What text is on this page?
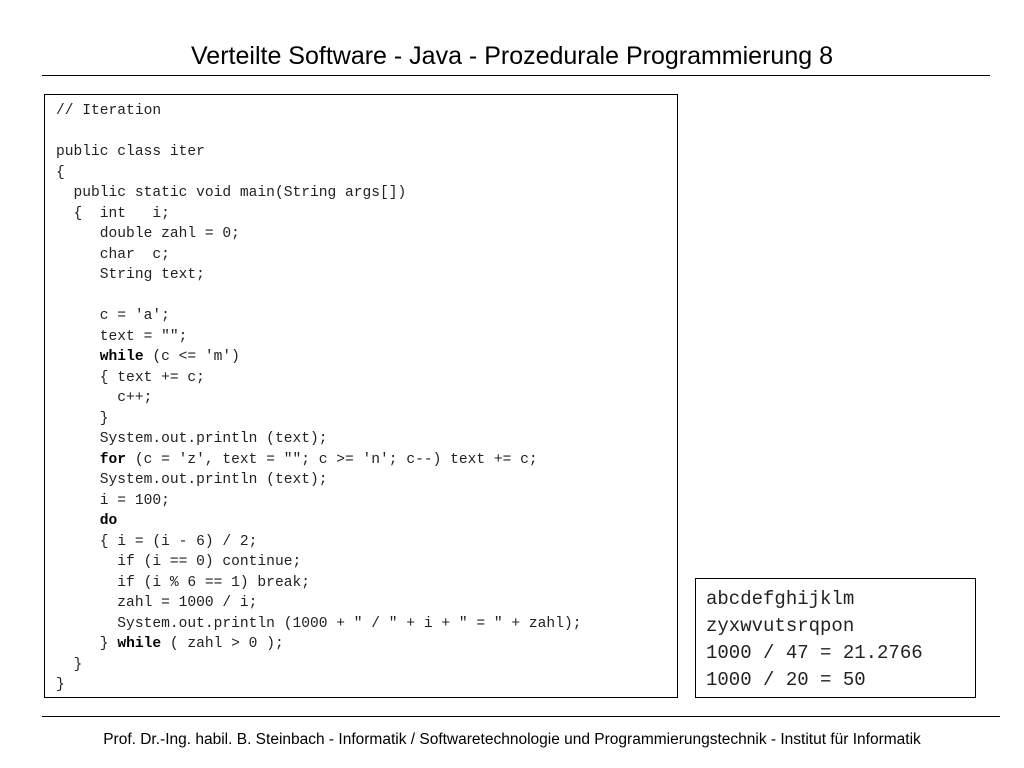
Verteilte Software - Java - Prozedurale Programmierung 8
// Iteration

public class iter
{
public static void main(String args[])
{  int   i;
double zahl = 0;
char  c;
String text;

c = 'a';
text = "";
while (c <= 'm')
{ text += c;
c++;
}
System.out.println (text);
for (c = 'z', text = ""; c >= 'n'; c--) text += c;
System.out.println (text);
i = 100;
do
{ i = (i - 6) / 2;
if (i == 0) continue;
if (i % 6 == 1) break;
zahl = 1000 / i;
System.out.println (1000 + " / " + i + " = " + zahl);
} while ( zahl > 0 );
}
}
abcdefghijklm
zyxwvutsrqpon
1000 / 47 = 21.2766
1000 / 20 = 50
Prof. Dr.-Ing. habil. B. Steinbach - Informatik / Softwaretechnologie und Programmierungstechnik - Institut für Informatik
